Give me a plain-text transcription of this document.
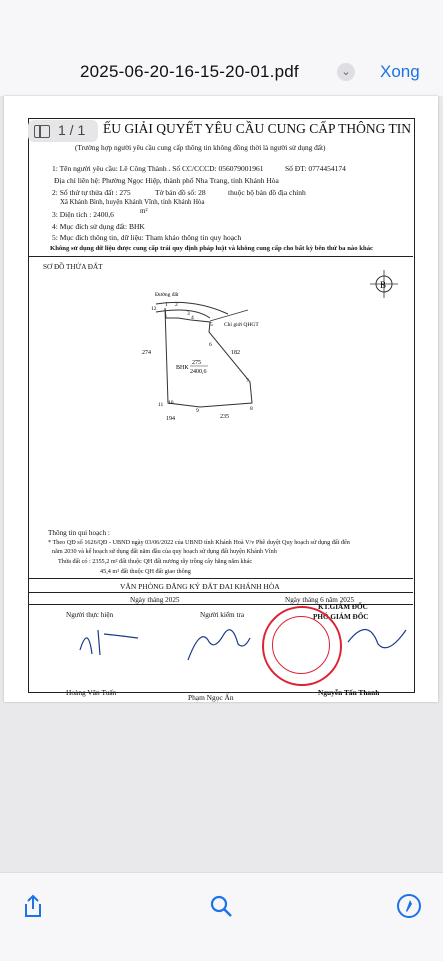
2025-06-20-16-15-20-01.pdf	⌄ Xong
1 / 1 ẾU GIẢI QUYẾT YÊU CẦU CUNG CẤP THÔNG TIN
(Trường hợp người yêu cầu cung cấp thông tin không đồng thời là người sử dụng đất)
1: Tên người yêu cầu: Lê Công Thành . Số CC/CCCD: 056079001961	Số ĐT: 0774454174
Địa chỉ liên hệ: Phường Ngọc Hiệp, thành phố Nha Trang, tỉnh Khánh Hòa
2: Số thứ tự thửa đất : 275	Tờ bản đồ số: 28	thuộc bộ bản đồ địa chính
Xã Khánh Bình, huyện Khánh Vĩnh, tỉnh Khánh Hòa
3: Diện tích : 2400,6	m²
4: Mục đích sử dụng đất: BHK
5: Mục đích thông tin, dữ liệu: Tham khảo thông tin quy hoạch
Không sử dụng dữ liệu được cung cấp trái quy định pháp luật và không cung cấp cho bất kỳ bên thứ ba nào khác
SƠ ĐỒ THỬA ĐẤT
B
Đường đất
Chỉ giới QHGT
BHK
275
2400,6
274	182
194	235
12
1 2
3
4
5
6
7
8
9
10
11
Thông tin qui hoạch :
* Theo QĐ số 1626/QĐ - UBND ngày 03/06/2022 của UBND tỉnh Khánh Hoà V/v Phê duyệt Quy hoạch sử dụng đất đến
năm 2030 và kế hoạch sử dụng đất năm đầu của quy hoạch sử dụng đất huyện Khánh Vĩnh
Thửa đất có : 2355,2 m² đất thuộc QH đất nương rẫy trồng cây hằng năm khác
45,4 m² đất thuộc QH đất giao thông
VĂN PHÒNG ĐĂNG KÝ ĐẤT ĐAI KHÁNH HÒA
Ngày tháng 2025	Ngày tháng 6 năm 2025
Người thực hiện	Người kiểm tra
KT.GIÁM ĐỐC
PHÓ GIÁM ĐỐC
Hoàng Văn Tuấn
Phạm Ngọc Ấn
Nguyễn Tấn Thanh
